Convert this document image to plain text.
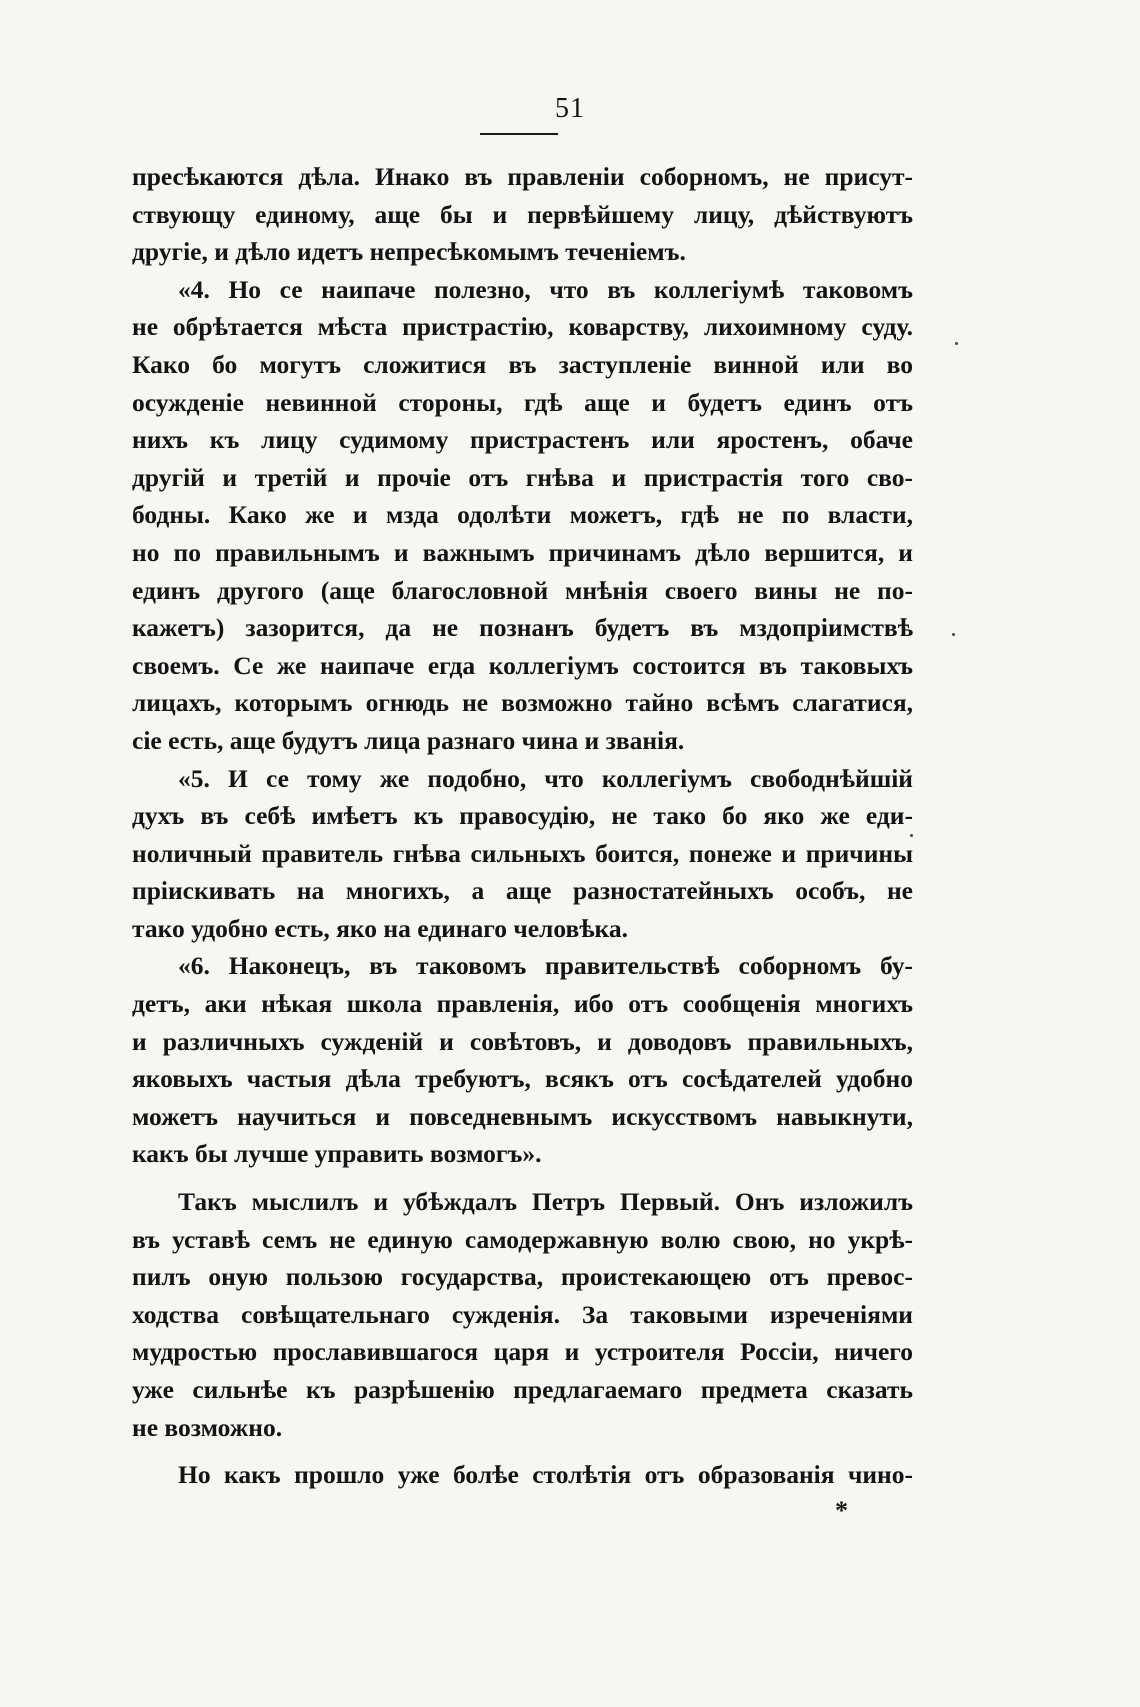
51
пресѣкаются дѣла. Инако въ правленіи соборномъ, не присут-
ствующу единому, аще бы и первѣйшему лицу, дѣйствуютъ
другіе, и дѣло идетъ непресѣкомымъ теченіемъ.
«4. Но се наипаче полезно, что въ коллегіумѣ таковомъ
не обрѣтается мѣста пристрастію, коварству, лихоимному суду.
Како бо могутъ сложитися въ заступленіе винной или во
осужденіе невинной стороны, гдѣ аще и будетъ единъ отъ
нихъ къ лицу судимому пристрастенъ или яростенъ, обаче
другій и третій и прочіе отъ гнѣва и пристрастія того сво-
бодны. Како же и мзда одолѣти можетъ, гдѣ не по власти,
но по правильнымъ и важнымъ причинамъ дѣло вершится, и
единъ другого (аще благословной мнѣнія своего вины не по-
кажетъ) зазорится, да не познанъ будетъ въ мздопріимствѣ
своемъ. Се же наипаче егда коллегіумъ состоится въ таковыхъ
лицахъ, которымъ огнюдь не возможно тайно всѣмъ слагатися,
сіе есть, аще будутъ лица разнаго чина и званія.
«5. И се тому же подобно, что коллегіумъ свободнѣйшій
духъ въ себѣ имѣетъ къ правосудію, не тако бо яко же еди-
ноличный правитель гнѣва сильныхъ боится, понеже и причины
пріискивать на многихъ, а аще разностатейныхъ особъ, не
тако удобно есть, яко на единаго человѣка.
«6. Наконецъ, въ таковомъ правительствѣ соборномъ бу-
детъ, аки нѣкая школа правленія, ибо отъ сообщенія многихъ
и различныхъ сужденій и совѣтовъ, и доводовъ правильныхъ,
яковыхъ частыя дѣла требуютъ, всякъ отъ сосѣдателей удобно
можетъ научиться и повседневнымъ искусствомъ навыкнути,
какъ бы лучше управить возмогъ».
Такъ мыслилъ и убѣждалъ Петръ Первый. Онъ изложилъ
въ уставѣ семъ не единую самодержавную волю свою, но укрѣ-
пилъ оную пользою государства, проистекающею отъ превос-
ходства совѣщательнаго сужденія. За таковыми изреченіями
мудростью прославившагося царя и устроителя Россіи, ничего
уже сильнѣе къ разрѣшенію предлагаемаго предмета сказать
не возможно.
Но какъ прошло уже болѣе столѣтія отъ образованія чино-
*
